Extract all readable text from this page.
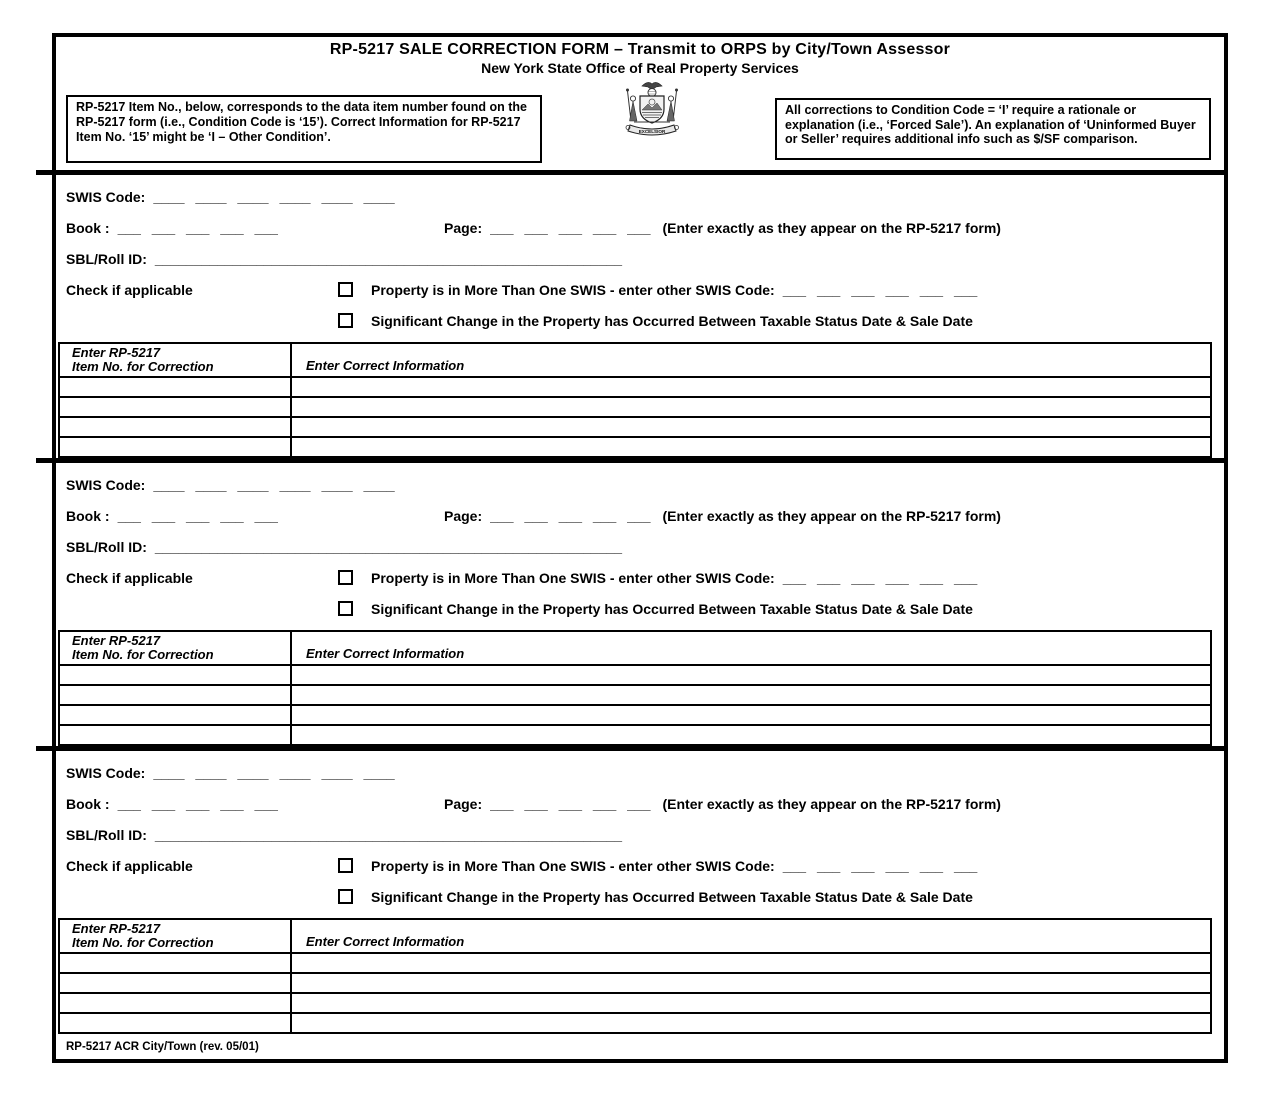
RP-5217 SALE CORRECTION FORM – Transmit to ORPS by City/Town Assessor
New York State Office of Real Property Services
RP-5217 Item No., below, corresponds to the data item number found on the RP-5217 form (i.e., Condition Code is ‘15’). Correct Information for RP-5217 Item No. ‘15’ might be ‘I – Other Condition’.	EXCELSIOR
All corrections to Condition Code = ‘I’ require a rationale or explanation (i.e., ‘Forced Sale’). An explanation of ‘Uninformed Buyer or Seller’ requires additional info such as $/SF comparison.
SWIS Code: ____ ____ ____ ____ ____ ____
Book : ___ ___ ___ ___ ___	Page: ___ ___ ___ ___ ___ (Enter exactly as they appear on the RP-5217 form)
SBL/Roll ID: ____________________________________________________________
Check if applicable	Property is in More Than One SWIS - enter other SWIS Code: ___ ___ ___ ___ ___ ___
Significant Change in the Property has Occurred Between Taxable Status Date & Sale Date
Enter RP-5217
Item No. for Correction	Enter Correct Information

SWIS Code: ____ ____ ____ ____ ____ ____
Book : ___ ___ ___ ___ ___	Page: ___ ___ ___ ___ ___ (Enter exactly as they appear on the RP-5217 form)
SBL/Roll ID: ____________________________________________________________
Check if applicable	Property is in More Than One SWIS - enter other SWIS Code: ___ ___ ___ ___ ___ ___
Significant Change in the Property has Occurred Between Taxable Status Date & Sale Date
Enter RP-5217
Item No. for Correction	Enter Correct Information

SWIS Code: ____ ____ ____ ____ ____ ____
Book : ___ ___ ___ ___ ___	Page: ___ ___ ___ ___ ___ (Enter exactly as they appear on the RP-5217 form)
SBL/Roll ID: ____________________________________________________________
Check if applicable	Property is in More Than One SWIS - enter other SWIS Code: ___ ___ ___ ___ ___ ___
Significant Change in the Property has Occurred Between Taxable Status Date & Sale Date
Enter RP-5217
Item No. for Correction	Enter Correct Information

RP-5217 ACR City/Town (rev. 05/01)
